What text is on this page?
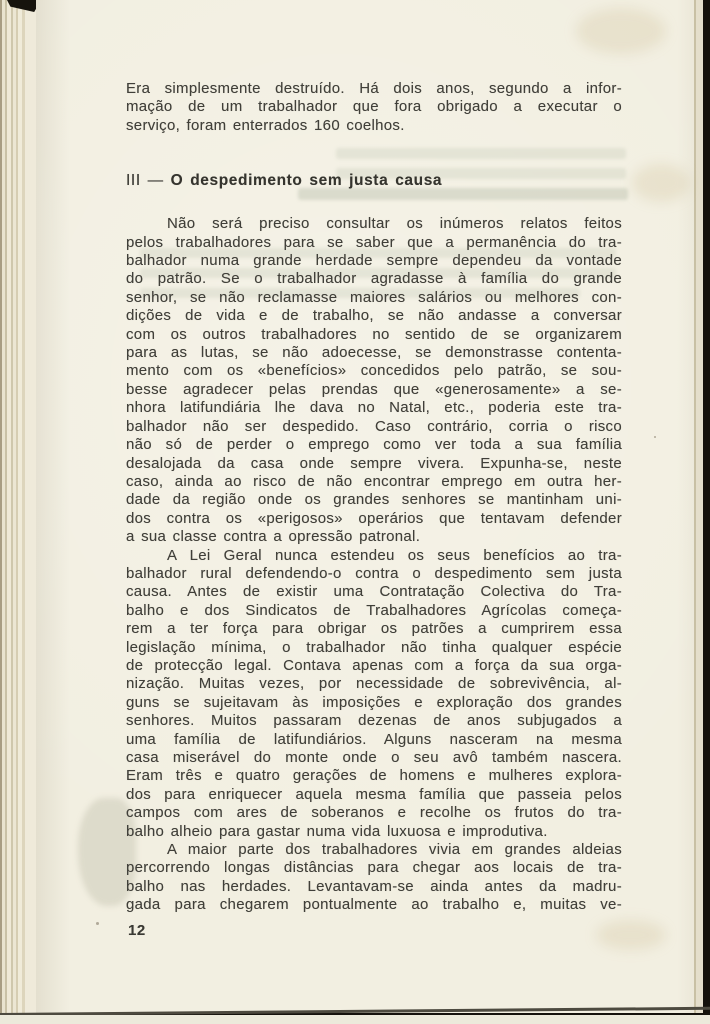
Era simplesmente destruído. Há dois anos, segundo a infor-
mação de um trabalhador que fora obrigado a executar o
serviço, foram enterrados 160 coelhos.
III — O despedimento sem justa causa
Não será preciso consultar os inúmeros relatos feitos
pelos trabalhadores para se saber que a permanência do tra-
balhador numa grande herdade sempre dependeu da vontade
do patrão. Se o trabalhador agradasse à família do grande
senhor, se não reclamasse maiores salários ou melhores con-
dições de vida e de trabalho, se não andasse a conversar
com os outros trabalhadores no sentido de se organizarem
para as lutas, se não adoecesse, se demonstrasse contenta-
mento com os «benefícios» concedidos pelo patrão, se sou-
besse agradecer pelas prendas que «generosamente» a se-
nhora latifundiária lhe dava no Natal, etc., poderia este tra-
balhador não ser despedido. Caso contrário, corria o risco
não só de perder o emprego como ver toda a sua família
desalojada da casa onde sempre vivera. Expunha-se, neste
caso, ainda ao risco de não encontrar emprego em outra her-
dade da região onde os grandes senhores se mantinham uni-
dos contra os «perigosos» operários que tentavam defender
a sua classe contra a opressão patronal.
A Lei Geral nunca estendeu os seus benefícios ao tra-
balhador rural defendendo-o contra o despedimento sem justa
causa. Antes de existir uma Contratação Colectiva do Tra-
balho e dos Sindicatos de Trabalhadores Agrícolas começa-
rem a ter força para obrigar os patrões a cumprirem essa
legislação mínima, o trabalhador não tinha qualquer espécie
de protecção legal. Contava apenas com a força da sua orga-
nização. Muitas vezes, por necessidade de sobrevivência, al-
guns se sujeitavam às imposições e exploração dos grandes
senhores. Muitos passaram dezenas de anos subjugados a
uma família de latifundiários. Alguns nasceram na mesma
casa miserável do monte onde o seu avô também nascera.
Eram três e quatro gerações de homens e mulheres explora-
dos para enriquecer aquela mesma família que passeia pelos
campos com ares de soberanos e recolhe os frutos do tra-
balho alheio para gastar numa vida luxuosa e improdutiva.
A maior parte dos trabalhadores vivia em grandes aldeias
percorrendo longas distâncias para chegar aos locais de tra-
balho nas herdades. Levantavam-se ainda antes da madru-
gada para chegarem pontualmente ao trabalho e, muitas ve-
12
